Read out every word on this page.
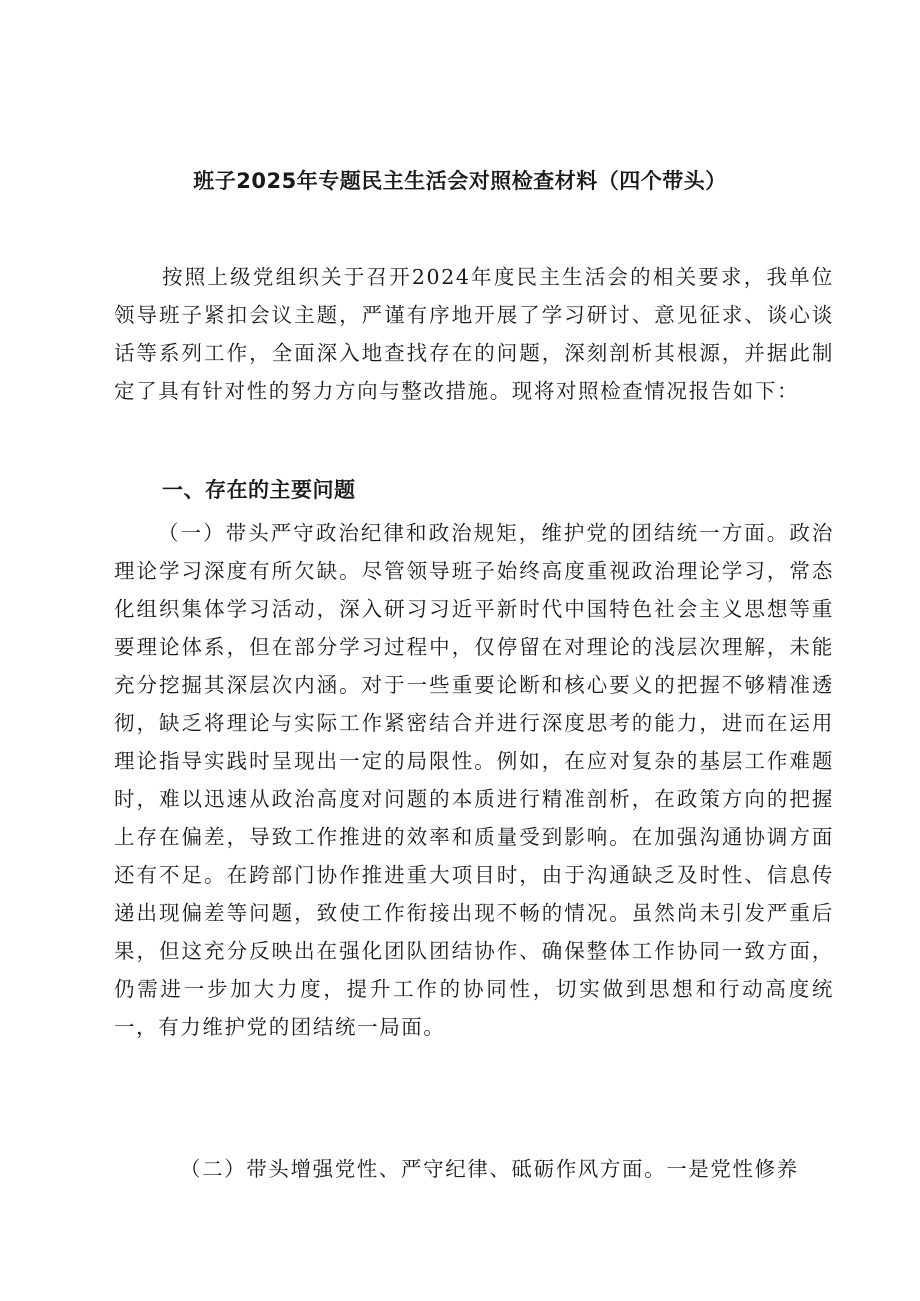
班子2025年专题民主生活会对照检查材料（四个带头）

按照上级党组织关于召开2024年度民主生活会的相关要求，我单位领导班子紧扣会议主题，严谨有序地开展了学习研讨、意见征求、谈心谈话等系列工作，全面深入地查找存在的问题，深刻剖析其根源，并据此制定了具有针对性的努力方向与整改措施。现将对照检查情况报告如下：

一、存在的主要问题

（一）带头严守政治纪律和政治规矩，维护党的团结统一方面。政治理论学习深度有所欠缺。尽管领导班子始终高度重视政治理论学习，常态化组织集体学习活动，深入研习习近平新时代中国特色社会主义思想等重要理论体系，但在部分学习过程中，仅停留在对理论的浅层次理解，未能充分挖掘其深层次内涵。对于一些重要论断和核心要义的把握不够精准透彻，缺乏将理论与实际工作紧密结合并进行深度思考的能力，进而在运用理论指导实践时呈现出一定的局限性。例如，在应对复杂的基层工作难题时，难以迅速从政治高度对问题的本质进行精准剖析，在政策方向的把握上存在偏差，导致工作推进的效率和质量受到影响。在加强沟通协调方面还有不足。在跨部门协作推进重大项目时，由于沟通缺乏及时性、信息传递出现偏差等问题，致使工作衔接出现不畅的情况。虽然尚未引发严重后果，但这充分反映出在强化团队团结协作、确保整体工作协同一致方面，仍需进一步加大力度，提升工作的协同性，切实做到思想和行动高度统一，有力维护党的团结统一局面。

（二）带头增强党性、严守纪律、砥砺作风方面。一是党性修养
